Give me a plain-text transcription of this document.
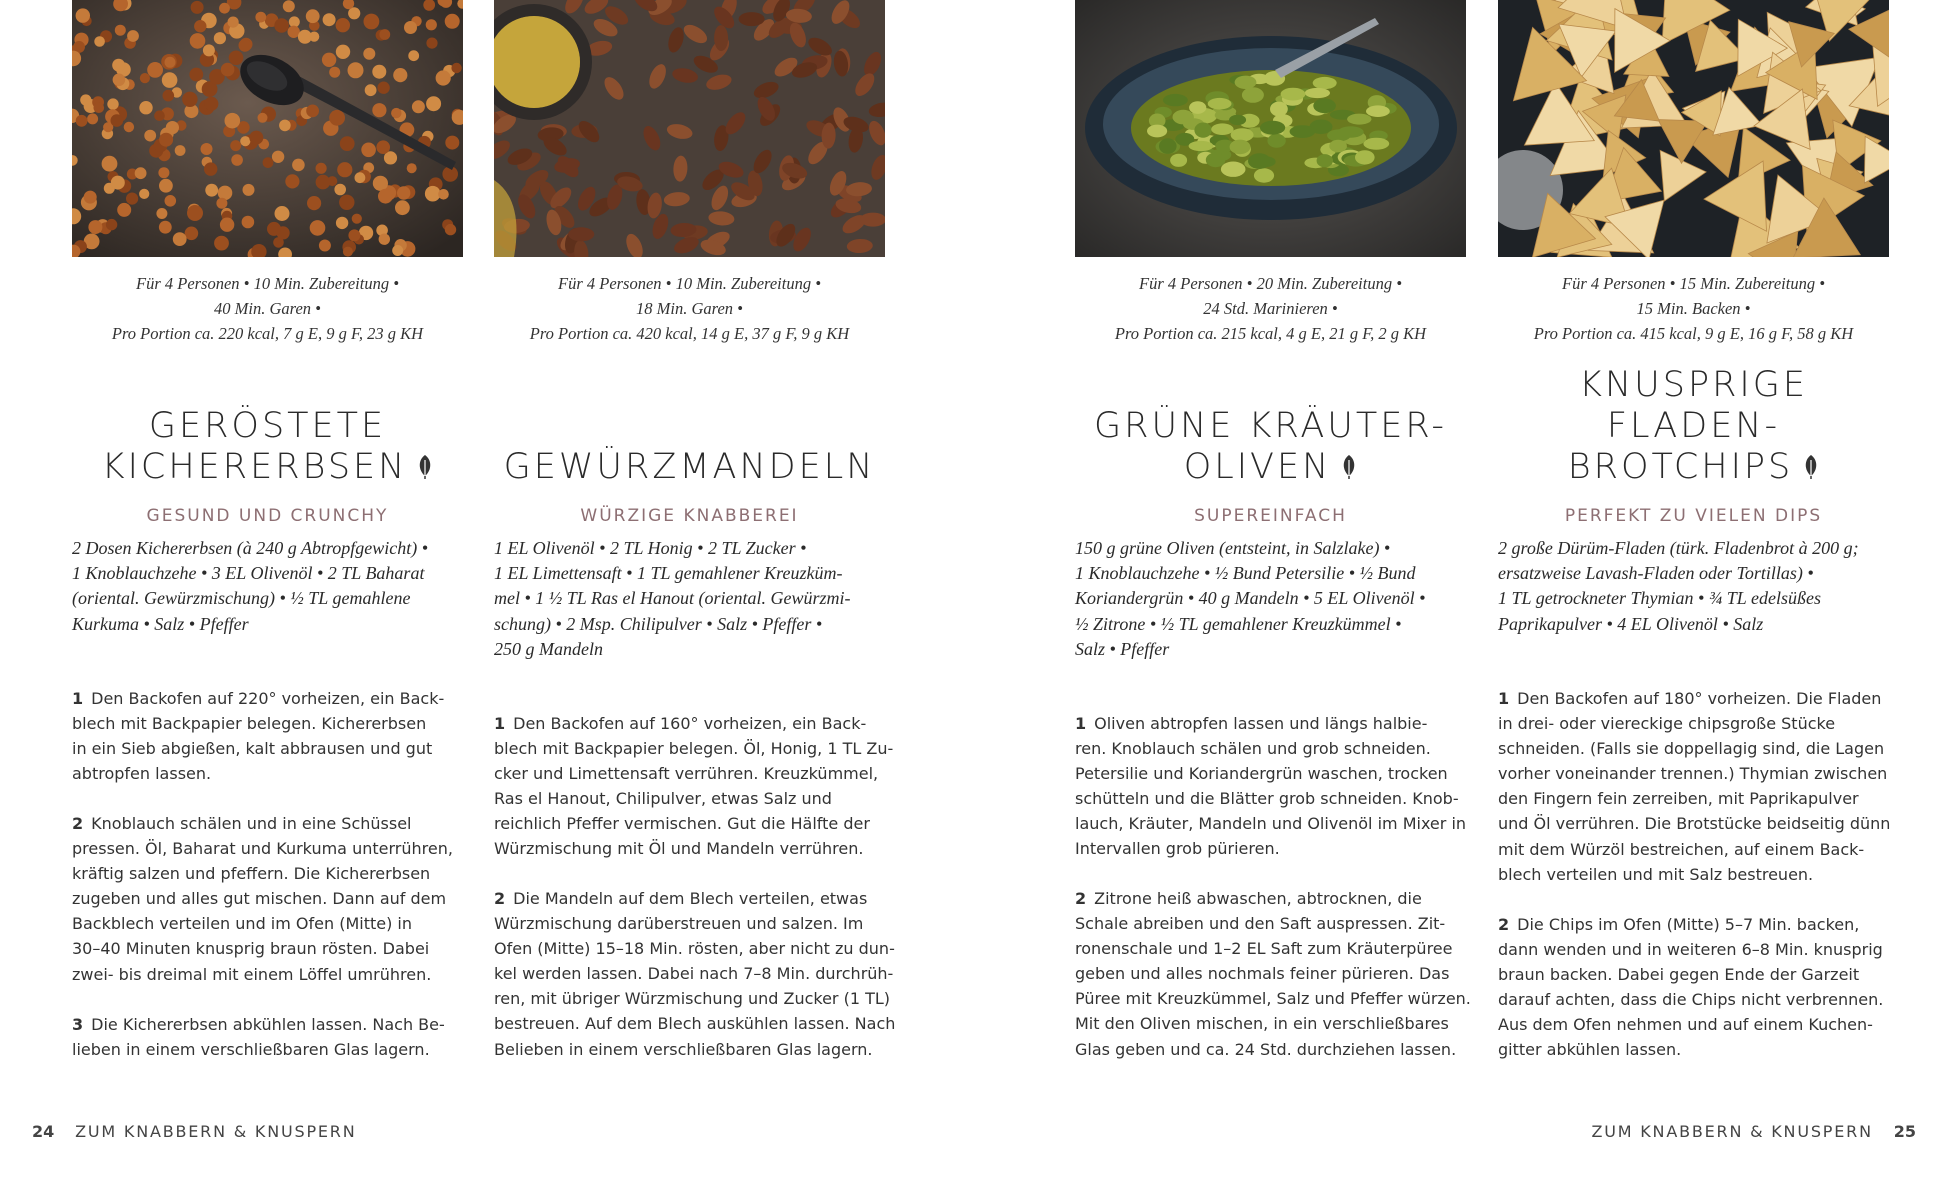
Für 4 Personen • 10 Min. Zubereitung •
40 Min. Garen •
Pro Portion ca. 220 kcal, 7 g E, 9 g F, 23 g KH
GERÖSTETE
KICHERERBSEN
GESUND UND CRUNCHY
2 Dosen Kichererbsen (à 240 g Abtropfgewicht) •
1 Knoblauchzehe • 3 EL Olivenöl • 2 TL Baharat
(oriental. Gewürzmischung) • ½ TL gemahlene
Kurkuma • Salz • Pfeffer
1 Den Backofen auf 220° vorheizen, ein Back-
blech mit Backpapier belegen. Kichererbsen
in ein Sieb abgießen, kalt abbrausen und gut
abtropfen lassen.
2 Knoblauch schälen und in eine Schüssel
pressen. Öl, Baharat und Kurkuma unterrühren,
kräftig salzen und pfeffern. Die Kichererbsen
zugeben und alles gut mischen. Dann auf dem
Backblech verteilen und im Ofen (Mitte) in
30–40 Minuten knusprig braun rösten. Dabei
zwei- bis dreimal mit einem Löffel umrühren.
3 Die Kichererbsen abkühlen lassen. Nach Be-
lieben in einem verschließbaren Glas lagern.
Für 4 Personen • 10 Min. Zubereitung •
18 Min. Garen •
Pro Portion ca. 420 kcal, 14 g E, 37 g F, 9 g KH
GEWÜRZMANDELN
WÜRZIGE KNABBEREI
1 EL Olivenöl • 2 TL Honig • 2 TL Zucker •
1 EL Limettensaft • 1 TL gemahlener Kreuzküm-
mel • 1 ½ TL Ras el Hanout (oriental. Gewürzmi-
schung) • 2 Msp. Chilipulver • Salz • Pfeffer •
250 g Mandeln
1 Den Backofen auf 160° vorheizen, ein Back-
blech mit Backpapier belegen. Öl, Honig, 1 TL Zu-
cker und Limettensaft verrühren. Kreuzkümmel,
Ras el Hanout, Chilipulver, etwas Salz und
reichlich Pfeffer vermischen. Gut die Hälfte der
Würzmischung mit Öl und Mandeln verrühren.
2 Die Mandeln auf dem Blech verteilen, etwas
Würzmischung darüberstreuen und salzen. Im
Ofen (Mitte) 15–18 Min. rösten, aber nicht zu dun-
kel werden lassen. Dabei nach 7–8 Min. durchrüh-
ren, mit übriger Würzmischung und Zucker (1 TL)
bestreuen. Auf dem Blech auskühlen lassen. Nach
Belieben in einem verschließbaren Glas lagern.
Für 4 Personen • 20 Min. Zubereitung •
24 Std. Marinieren •
Pro Portion ca. 215 kcal, 4 g E, 21 g F, 2 g KH
GRÜNE KRÄUTER-
OLIVEN
SUPEREINFACH
150 g grüne Oliven (entsteint, in Salzlake) •
1 Knoblauchzehe • ½ Bund Petersilie • ½ Bund
Koriandergrün • 40 g Mandeln • 5 EL Olivenöl •
½ Zitrone • ½ TL gemahlener Kreuzkümmel •
Salz • Pfeffer
1 Oliven abtropfen lassen und längs halbie-
ren. Knoblauch schälen und grob schneiden.
Petersilie und Koriandergrün waschen, trocken
schütteln und die Blätter grob schneiden. Knob-
lauch, Kräuter, Mandeln und Olivenöl im Mixer in
Intervallen grob pürieren.
2 Zitrone heiß abwaschen, abtrocknen, die
Schale abreiben und den Saft auspressen. Zit-
ronenschale und 1–2 EL Saft zum Kräuterpüree
geben und alles nochmals feiner pürieren. Das
Püree mit Kreuzkümmel, Salz und Pfeffer würzen.
Mit den Oliven mischen, in ein verschließbares
Glas geben und ca. 24 Std. durchziehen lassen.
Für 4 Personen • 15 Min. Zubereitung •
15 Min. Backen •
Pro Portion ca. 415 kcal, 9 g E, 16 g F, 58 g KH
KNUSPRIGE FLADEN-
BROTCHIPS
PERFEKT ZU VIELEN DIPS
2 große Dürüm-Fladen (türk. Fladenbrot à 200 g;
ersatzweise Lavash-Fladen oder Tortillas) •
1 TL getrockneter Thymian • ¾ TL edelsüßes
Paprikapulver • 4 EL Olivenöl • Salz
1 Den Backofen auf 180° vorheizen. Die Fladen
in drei- oder viereckige chipsgroße Stücke
schneiden. (Falls sie doppellagig sind, die Lagen
vorher voneinander trennen.) Thymian zwischen
den Fingern fein zerreiben, mit Paprikapulver
und Öl verrühren. Die Brotstücke beidseitig dünn
mit dem Würzöl bestreichen, auf einem Back-
blech verteilen und mit Salz bestreuen.
2 Die Chips im Ofen (Mitte) 5–7 Min. backen,
dann wenden und in weiteren 6–8 Min. knusprig
braun backen. Dabei gegen Ende der Garzeit
darauf achten, dass die Chips nicht verbrennen.
Aus dem Ofen nehmen und auf einem Kuchen-
gitter abkühlen lassen.
24 ZUM KNABBERN & KNUSPERN	ZUM KNABBERN & KNUSPERN 25
